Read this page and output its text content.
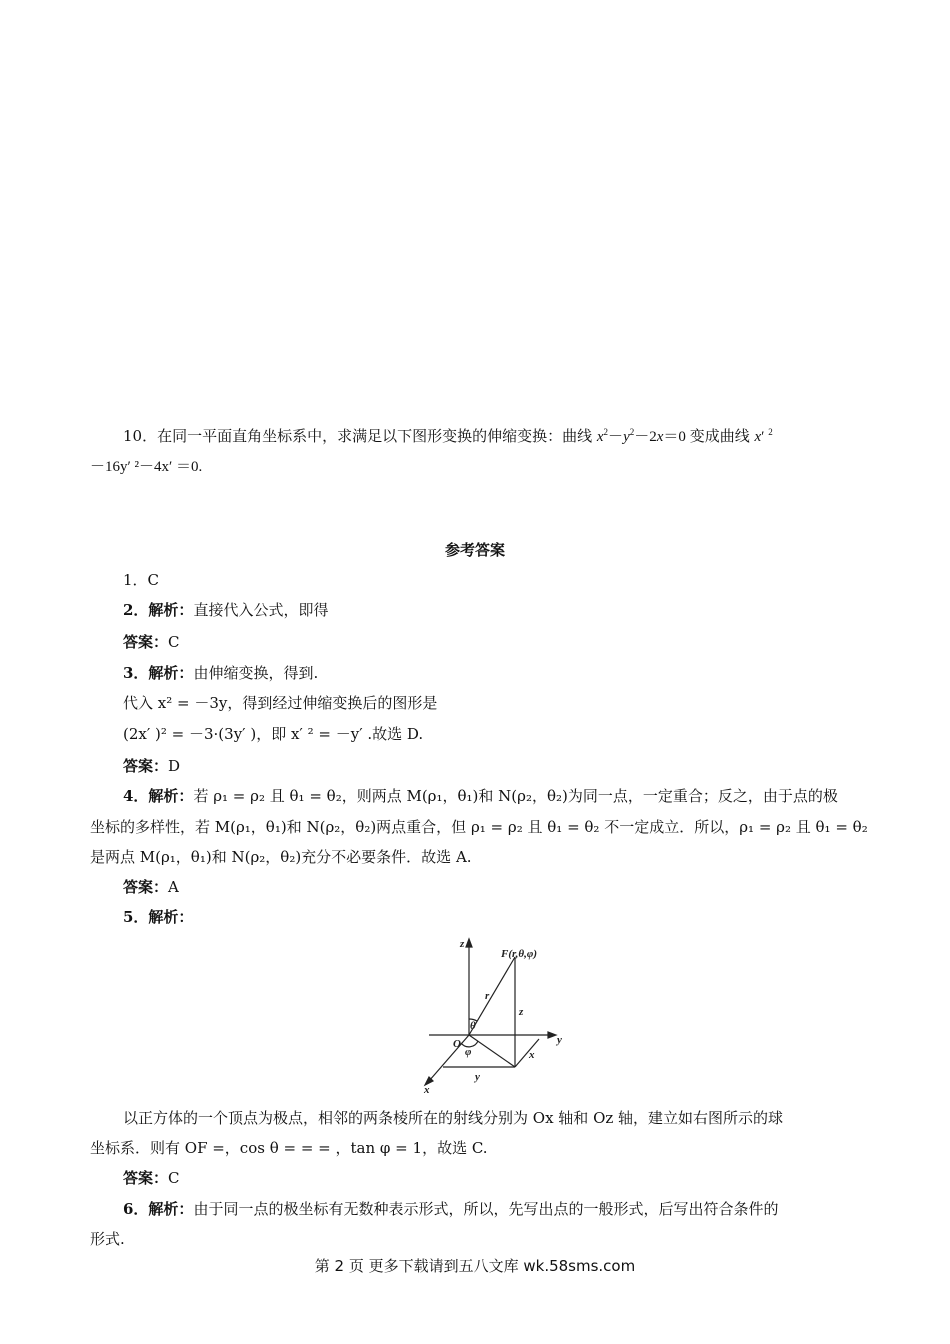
10．在同一平面直角坐标系中，求满足以下图形变换的伸缩变换：曲线 $x^2-y^2-2x=0$ 变成曲线 x′ $^2$
－16y′ ²－4x′ ＝0.
参考答案
1．C
2．解析：直接代入公式，即得
答案：C
3．解析：由伸缩变换，得到.
代入 x² = －3y，得到经过伸缩变换后的图形是
(2x′ )² = －3·(3y′ )，即 x′ ² = －y′ .故选 D.
答案：D
4．解析：若 ρ₁ = ρ₂ 且 θ₁ = θ₂，则两点 M(ρ₁，θ₁)和 N(ρ₂，θ₂)为同一点，一定重合；反之，由于点的极
坐标的多样性，若 M(ρ₁，θ₁)和 N(ρ₂，θ₂)两点重合，但 ρ₁ = ρ₂ 且 θ₁ = θ₂ 不一定成立．所以，ρ₁ = ρ₂ 且 θ₁ = θ₂
是两点 M(ρ₁，θ₁)和 N(ρ₂，θ₂)充分不必要条件．故选 A.
答案：A
5．解析：
z
y
x
O
F(r,θ,φ)
r
θ
φ
z
x
y
以正方体的一个顶点为极点，相邻的两条棱所在的射线分别为 Ox 轴和 Oz 轴，建立如右图所示的球
坐标系．则有 OF =，cos θ = = = ，tan φ = 1，故选 C.
答案：C
6．解析：由于同一点的极坐标有无数种表示形式，所以，先写出点的一般形式，后写出符合条件的
形式.
第 2 页 更多下载请到五八文库 wk.58sms.com
